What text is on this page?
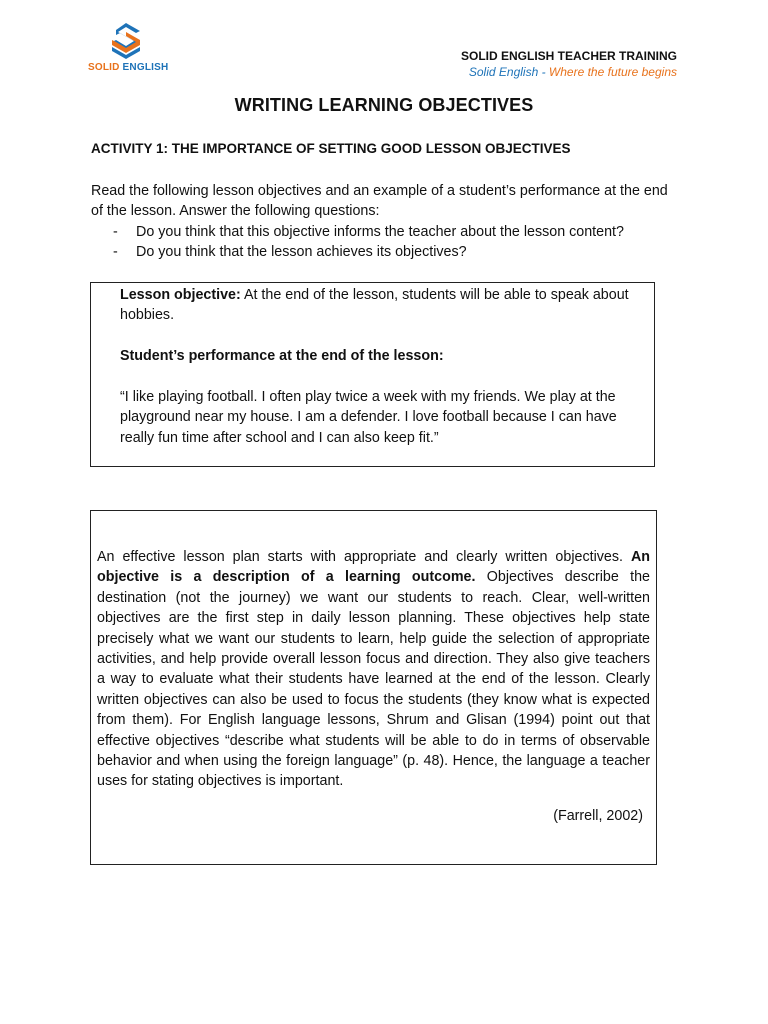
SOLID ENGLISH
SOLID ENGLISH TEACHER TRAINING
Solid English - Where the future begins
WRITING LEARNING OBJECTIVES
ACTIVITY 1: THE IMPORTANCE OF SETTING GOOD LESSON OBJECTIVES

Read the following lesson objectives and an example of a student’s performance at the end of the lesson. Answer the following questions:

- Do you think that this objective informs the teacher about the lesson content?
- Do you think that the lesson achieves its objectives?

Lesson objective: At the end of the lesson, students will be able to speak about hobbies.

Student’s performance at the end of the lesson:

“I like playing football. I often play twice a week with my friends. We play at the playground near my house. I am a defender. I love football because I can have really fun time after school and I can also keep fit.”

An effective lesson plan starts with appropriate and clearly written objectives. An objective is a description of a learning outcome. Objectives describe the destination (not the journey) we want our students to reach. Clear, well-written objectives are the first step in daily lesson planning. These objectives help state precisely what we want our students to learn, help guide the selection of appropriate activities, and help provide overall lesson focus and direction. They also give teachers a way to evaluate what their students have learned at the end of the lesson. Clearly written objectives can also be used to focus the students (they know what is expected from them). For English language lessons, Shrum and Glisan (1994) point out that effective objectives “describe what students will be able to do in terms of observable behavior and when using the foreign language” (p. 48). Hence, the language a teacher uses for stating objectives is important.

(Farrell, 2002)
